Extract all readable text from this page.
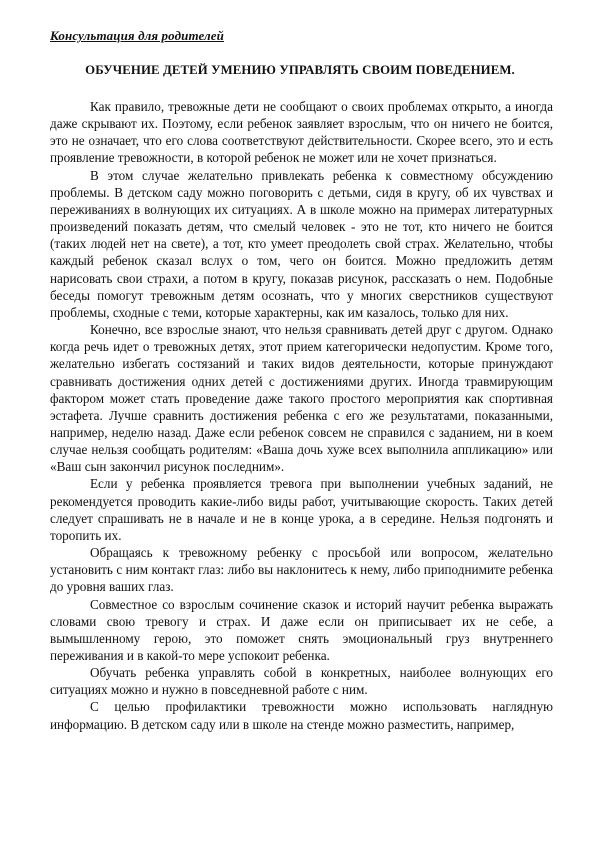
Консультация для родителей
ОБУЧЕНИЕ ДЕТЕЙ УМЕНИЮ УПРАВЛЯТЬ СВОИМ ПОВЕДЕНИЕМ.

Как правило, тревожные дети не сообщают о своих проблемах открыто, а иногда даже скрывают их. Поэтому, если ребенок заявляет взрослым, что он ничего не боится, это не означает, что его слова соответствуют действительности. Скорее всего, это и есть проявление тревожности, в которой ребенок не может или не хочет признаться.

В этом случае желательно привлекать ребенка к совместному обсуждению проблемы. В детском саду можно поговорить с детьми, сидя в кругу, об их чувствах и переживаниях в волнующих их ситуациях. А в школе можно на примерах литературных произведений показать детям, что смелый человек - это не тот, кто ничего не боится (таких людей нет на свете), а тот, кто умеет преодолеть свой страх. Желательно, чтобы каждый ребенок сказал вслух о том, чего он боится. Можно предложить детям нарисовать свои страхи, а потом в кругу, показав рисунок, рассказать о нем. Подобные беседы помогут тревожным детям осознать, что у многих сверстников существуют проблемы, сходные с теми, которые характерны, как им казалось, только для них.

Конечно, все взрослые знают, что нельзя сравнивать детей друг с другом. Однако когда речь идет о тревожных детях, этот прием категорически недопустим. Кроме того, желательно избегать состязаний и таких видов деятельности, которые принуждают сравнивать достижения одних детей с достижениями других. Иногда травмирующим фактором может стать проведение даже такого простого мероприятия как спортивная эстафета. Лучше сравнить достижения ребенка с его же результатами, показанными, например, неделю назад. Даже если ребенок совсем не справился с заданием, ни в коем случае нельзя сообщать родителям: «Ваша дочь хуже всех выполнила аппликацию» или «Ваш сын закончил рисунок последним».

Если у ребенка проявляется тревога при выполнении учебных заданий, не рекомендуется проводить какие-либо виды работ, учитывающие скорость. Таких детей следует спрашивать не в начале и не в конце урока, а в середине. Нельзя подгонять и торопить их.

Обращаясь к тревожному ребенку с просьбой или вопросом, желательно установить с ним контакт глаз: либо вы наклонитесь к нему, либо приподнимите ребенка до уровня ваших глаз.

Совместное со взрослым сочинение сказок и историй научит ребенка выражать словами свою тревогу и страх. И даже если он приписывает их не себе, а вымышленному герою, это поможет снять эмоциональный груз внутреннего переживания и в какой-то мере успокоит ребенка.

Обучать ребенка управлять собой в конкретных, наиболее волнующих его ситуациях можно и нужно в повседневной работе с ним.

С целью профилактики тревожности можно использовать наглядную информацию. В детском саду или в школе на стенде можно разместить, например,
